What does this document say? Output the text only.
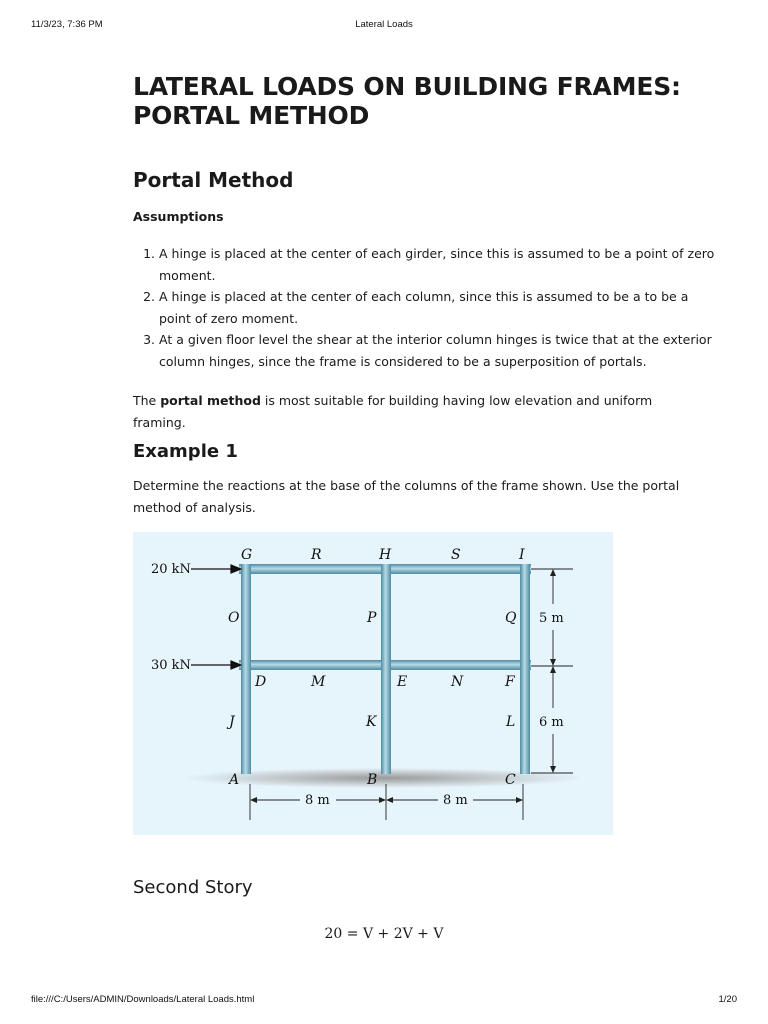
11/3/23, 7:36 PM	Lateral Loads
LATERAL LOADS ON BUILDING FRAMES:
PORTAL METHOD
Portal Method
Assumptions
1. A hinge is placed at the center of each girder, since this is assumed to be a point of zero moment.
2. A hinge is placed at the center of each column, since this is assumed to be a to be a point of zero moment.
3. At a given floor level the shear at the interior column hinges is twice that at the exterior column hinges, since the frame is considered to be a superposition of portals.

The portal method is most suitable for building having low elevation and uniform framing.

Example 1

Determine the reactions at the base of the columns of the frame shown. Use the portal method of analysis.

Second Story
20 kN
30 kN
G	R	H	S	I
O	P	Q
D	M	E	N	F
J	K	L
A	B	C
5 m
6 m
8 m	8 m
20 = V + 2V + V
file:///C:/Users/ADMIN/Downloads/Lateral Loads.html	1/20
